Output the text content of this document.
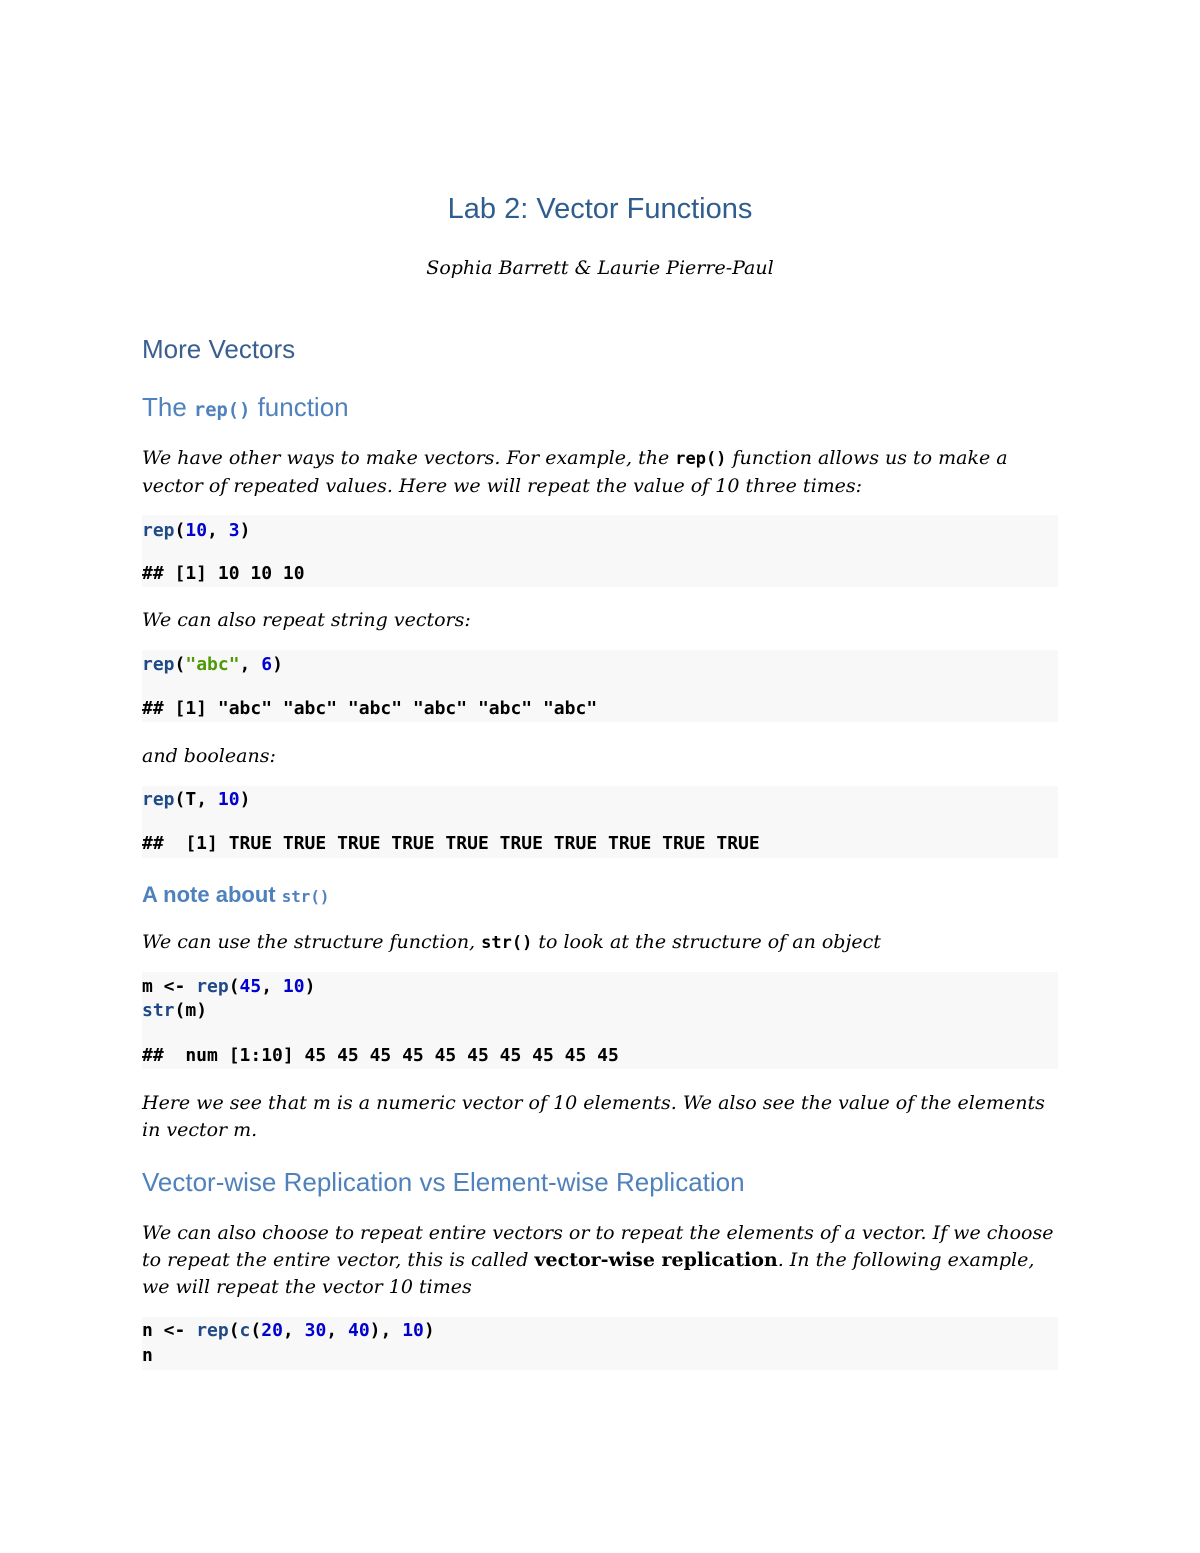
Lab 2: Vector Functions

Sophia Barrett & Laurie Pierre-Paul

More Vectors
The rep() function

We have other ways to make vectors. For example, the rep() function allows us to make a vector of repeated values. Here we will repeat the value of 10 three times:

rep(10, 3)
## [1] 10 10 10

We can also repeat string vectors:

rep("abc", 6)
## [1] "abc" "abc" "abc" "abc" "abc" "abc"

and booleans:

rep(T, 10)
##  [1] TRUE TRUE TRUE TRUE TRUE TRUE TRUE TRUE TRUE TRUE
A note about str()

We can use the structure function, str() to look at the structure of an object

m <- rep(45, 10)
str(m)
##  num [1:10] 45 45 45 45 45 45 45 45 45 45

Here we see that m is a numeric vector of 10 elements. We also see the value of the elements in vector m.

Vector-wise Replication vs Element-wise Replication

We can also choose to repeat entire vectors or to repeat the elements of a vector. If we choose to repeat the entire vector, this is called vector-wise replication. In the following example, we will repeat the vector 10 times

n <- rep(c(20, 30, 40), 10)
n
